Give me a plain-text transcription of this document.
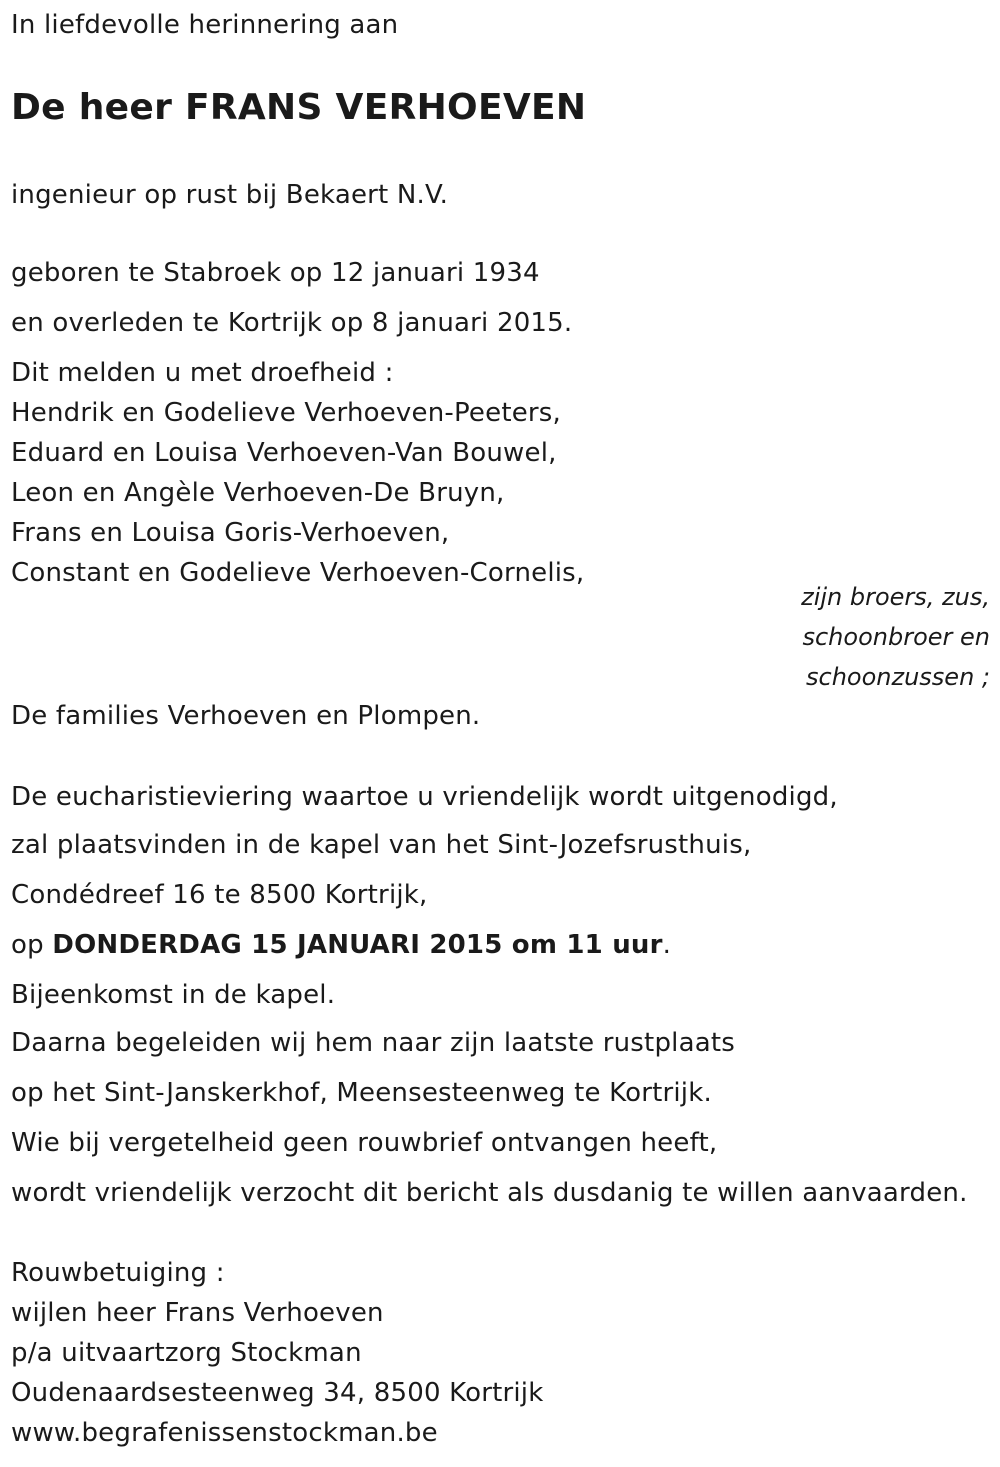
In liefdevolle herinnering aan
De heer FRANS VERHOEVEN
ingenieur op rust bij Bekaert N.V.
geboren te Stabroek op 12 januari 1934
en overleden te Kortrijk op 8 januari 2015.
Dit melden u met droefheid :
Hendrik en Godelieve Verhoeven-Peeters,
Eduard en Louisa Verhoeven-Van Bouwel,
Leon en Angèle Verhoeven-De Bruyn,
Frans en Louisa Goris-Verhoeven,
Constant en Godelieve Verhoeven-Cornelis,
zijn broers, zus,
schoonbroer en
schoonzussen ;
De families Verhoeven en Plompen.
De eucharistieviering waartoe u vriendelijk wordt uitgenodigd,
zal plaatsvinden in de kapel van het Sint-Jozefsrusthuis,
Condédreef 16 te 8500 Kortrijk,
op DONDERDAG 15 JANUARI 2015 om 11 uur.
Bijeenkomst in de kapel.
Daarna begeleiden wij hem naar zijn laatste rustplaats
op het Sint-Janskerkhof, Meensesteenweg te Kortrijk.
Wie bij vergetelheid geen rouwbrief ontvangen heeft,
wordt vriendelijk verzocht dit bericht als dusdanig te willen aanvaarden.
Rouwbetuiging :
wijlen heer Frans Verhoeven
p/a uitvaartzorg Stockman
Oudenaardsesteenweg 34, 8500 Kortrijk
www.begrafenissenstockman.be
